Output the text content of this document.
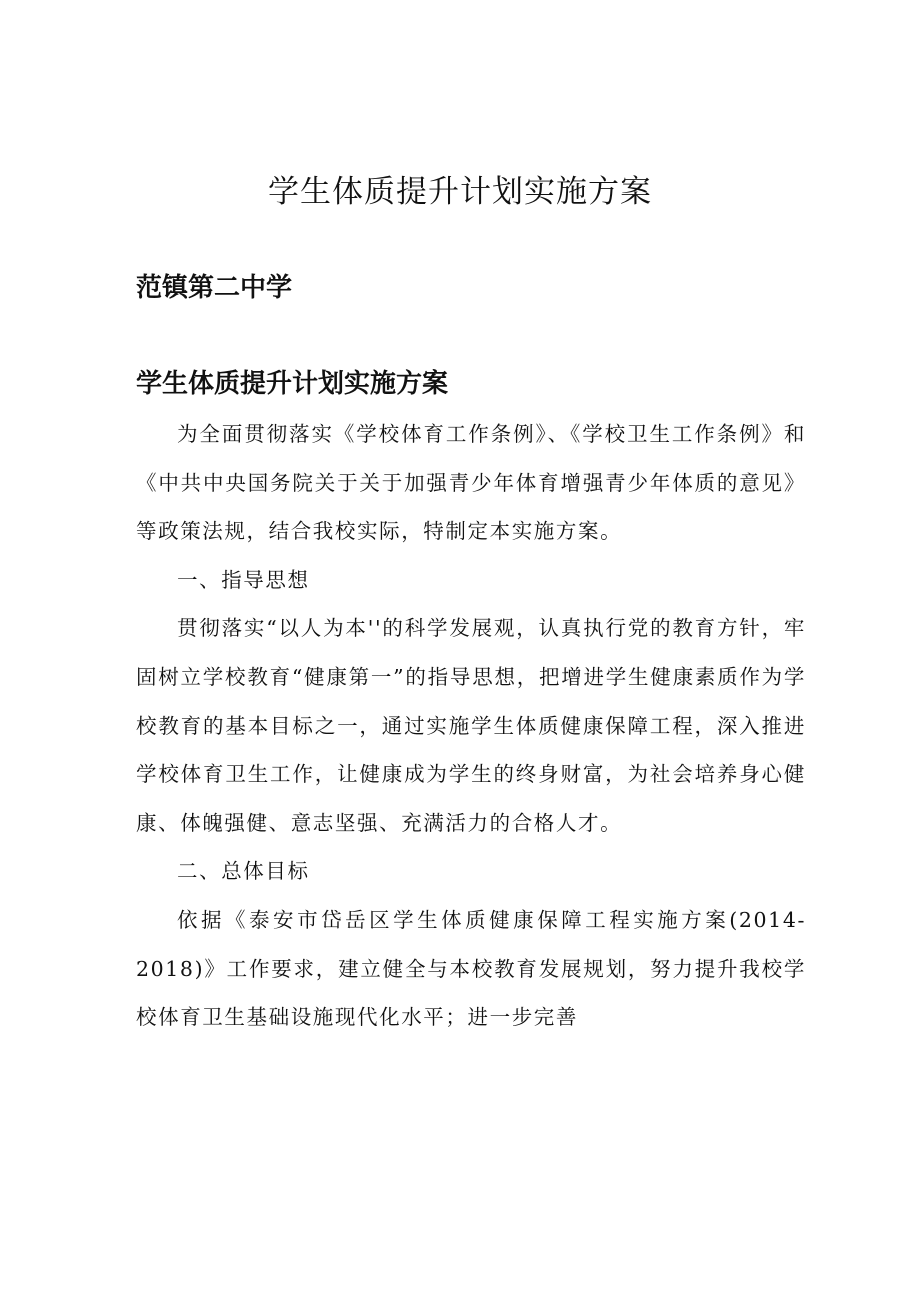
学生体质提升计划实施方案
范镇第二中学
学生体质提升计划实施方案

为全面贯彻落实《学校体育工作条例》、《学校卫生工作条例》和《中共中央国务院关于关于加强青少年体育增强青少年体质的意见》等政策法规，结合我校实际，特制定本实施方案。

一、指导思想

贯彻落实“以人为本''的科学发展观，认真执行党的教育方针，牢固树立学校教育“健康第一”的指导思想，把增进学生健康素质作为学校教育的基本目标之一，通过实施学生体质健康保障工程，深入推进学校体育卫生工作，让健康成为学生的终身财富，为社会培养身心健康、体魄强健、意志坚强、充满活力的合格人才。

二、总体目标

依据《泰安市岱岳区学生体质健康保障工程实施方案(2014-2018)》工作要求，建立健全与本校教育发展规划，努力提升我校学校体育卫生基础设施现代化水平；进一步完善
